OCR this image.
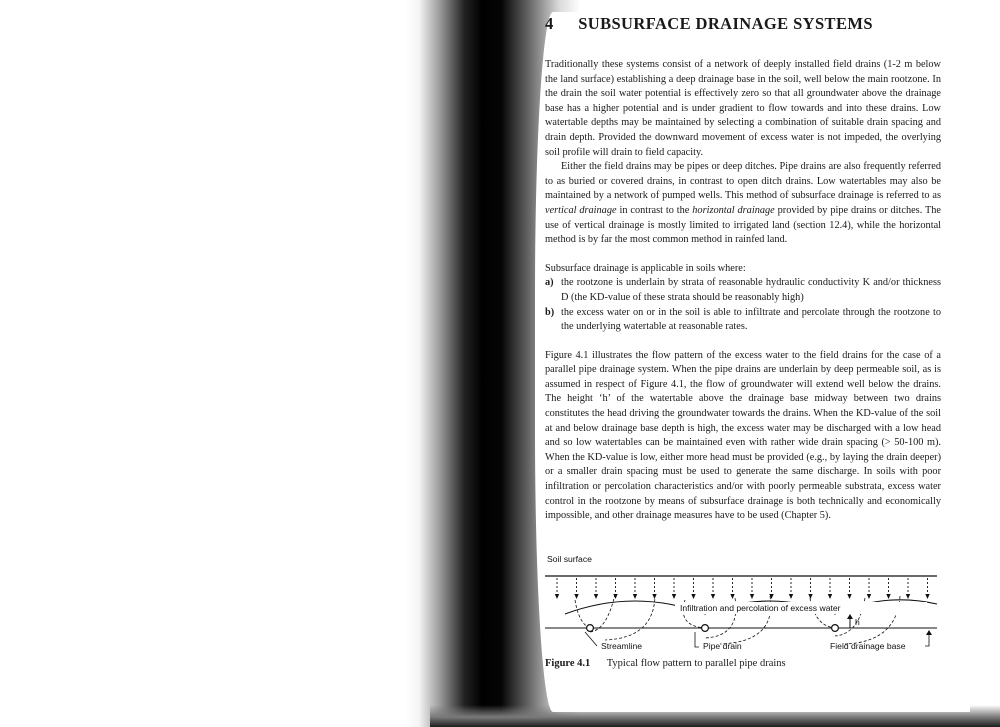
4 SUBSURFACE DRAINAGE SYSTEMS

Traditionally these systems consist of a network of deeply installed field drains (1-2 m below the land surface) establishing a deep drainage base in the soil, well below the main rootzone. In the drain the soil water potential is effectively zero so that all groundwater above the drainage base has a higher potential and is under gradient to flow towards and into these drains. Low watertable depths may be maintained by selecting a combination of suitable drain spacing and drain depth. Provided the downward movement of excess water is not impeded, the overlying soil profile will drain to field capacity.

Either the field drains may be pipes or deep ditches. Pipe drains are also frequently referred to as buried or covered drains, in contrast to open ditch drains. Low watertables may also be maintained by a network of pumped wells. This method of subsurface drainage is referred to as vertical drainage in contrast to the horizontal drainage provided by pipe drains or ditches. The use of vertical drainage is mostly limited to irrigated land (section 12.4), while the horizontal method is by far the most common method in rainfed land.

Subsurface drainage is applicable in soils where:

a) the rootzone is underlain by strata of reasonable hydraulic conductivity K and/or thickness D (the KD-value of these strata should be reasonably high)
b) the excess water on or in the soil is able to infiltrate and percolate through the rootzone to the underlying watertable at reasonable rates.

Figure 4.1 illustrates the flow pattern of the excess water to the field drains for the case of a parallel pipe drainage system. When the pipe drains are underlain by deep permeable soil, as is assumed in respect of Figure 4.1, the flow of groundwater will extend well below the drains. The height ‘h’ of the watertable above the drainage base midway between two drains constitutes the head driving the groundwater towards the drains. When the KD-value of the soil at and below drainage base depth is high, the excess water may be discharged with a low head and so low watertables can be maintained even with rather wide drain spacing (> 50-100 m). When the KD-value is low, either more head must be provided (e.g., by laying the drain deeper) or a smaller drain spacing must be used to generate the same discharge. In soils with poor infiltration or percolation characteristics and/or with poorly permeable substrata, excess water control in the rootzone by means of subsurface drainage is both technically and economically impossible, and other drainage measures have to be used (Chapter 5).

Soil surface
Infiltration and percolation of excess water
h
Streamline	Pipe drain	Field drainage base
Figure 4.1 Typical flow pattern to parallel pipe drains
